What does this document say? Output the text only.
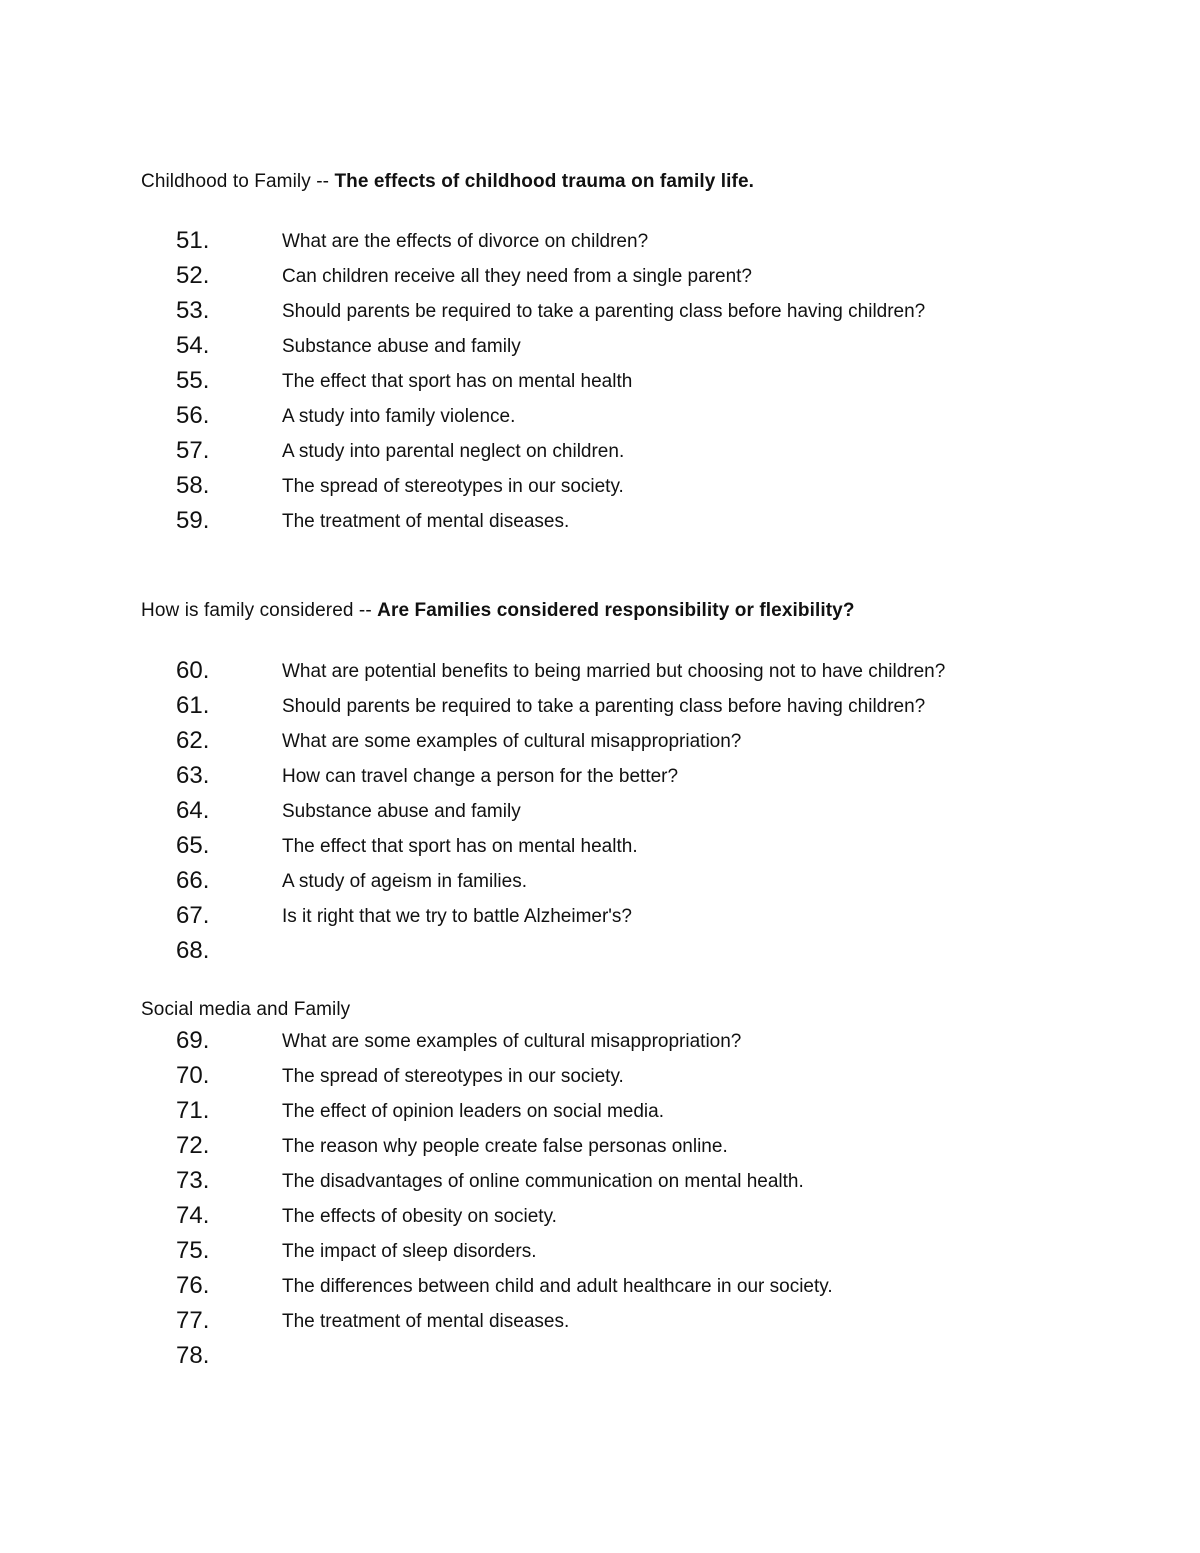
Childhood to Family -- The effects of childhood trauma on family life.
51.	What are the effects of divorce on children?
52.	Can children receive all they need from a single parent?
53.	Should parents be required to take a parenting class before having children?
54.	Substance abuse and family
55.	The effect that sport has on mental health
56.	A study into family violence.
57.	A study into parental neglect on children.
58.	The spread of stereotypes in our society.
59.	The treatment of mental diseases.
How is family considered -- Are Families considered responsibility or flexibility?
60.	What are potential benefits to being married but choosing not to have children?
61.	Should parents be required to take a parenting class before having children?
62.	What are some examples of cultural misappropriation?
63.	How can travel change a person for the better?
64.	Substance abuse and family
65.	The effect that sport has on mental health.
66.	A study of ageism in families.
67.	Is it right that we try to battle Alzheimer's?
68.
Social media and Family
69.	What are some examples of cultural misappropriation?
70.	The spread of stereotypes in our society.
71.	The effect of opinion leaders on social media.
72.	The reason why people create false personas online.
73.	The disadvantages of online communication on mental health.
74.	The effects of obesity on society.
75.	The impact of sleep disorders.
76.	The differences between child and adult healthcare in our society.
77.	The treatment of mental diseases.
78.
